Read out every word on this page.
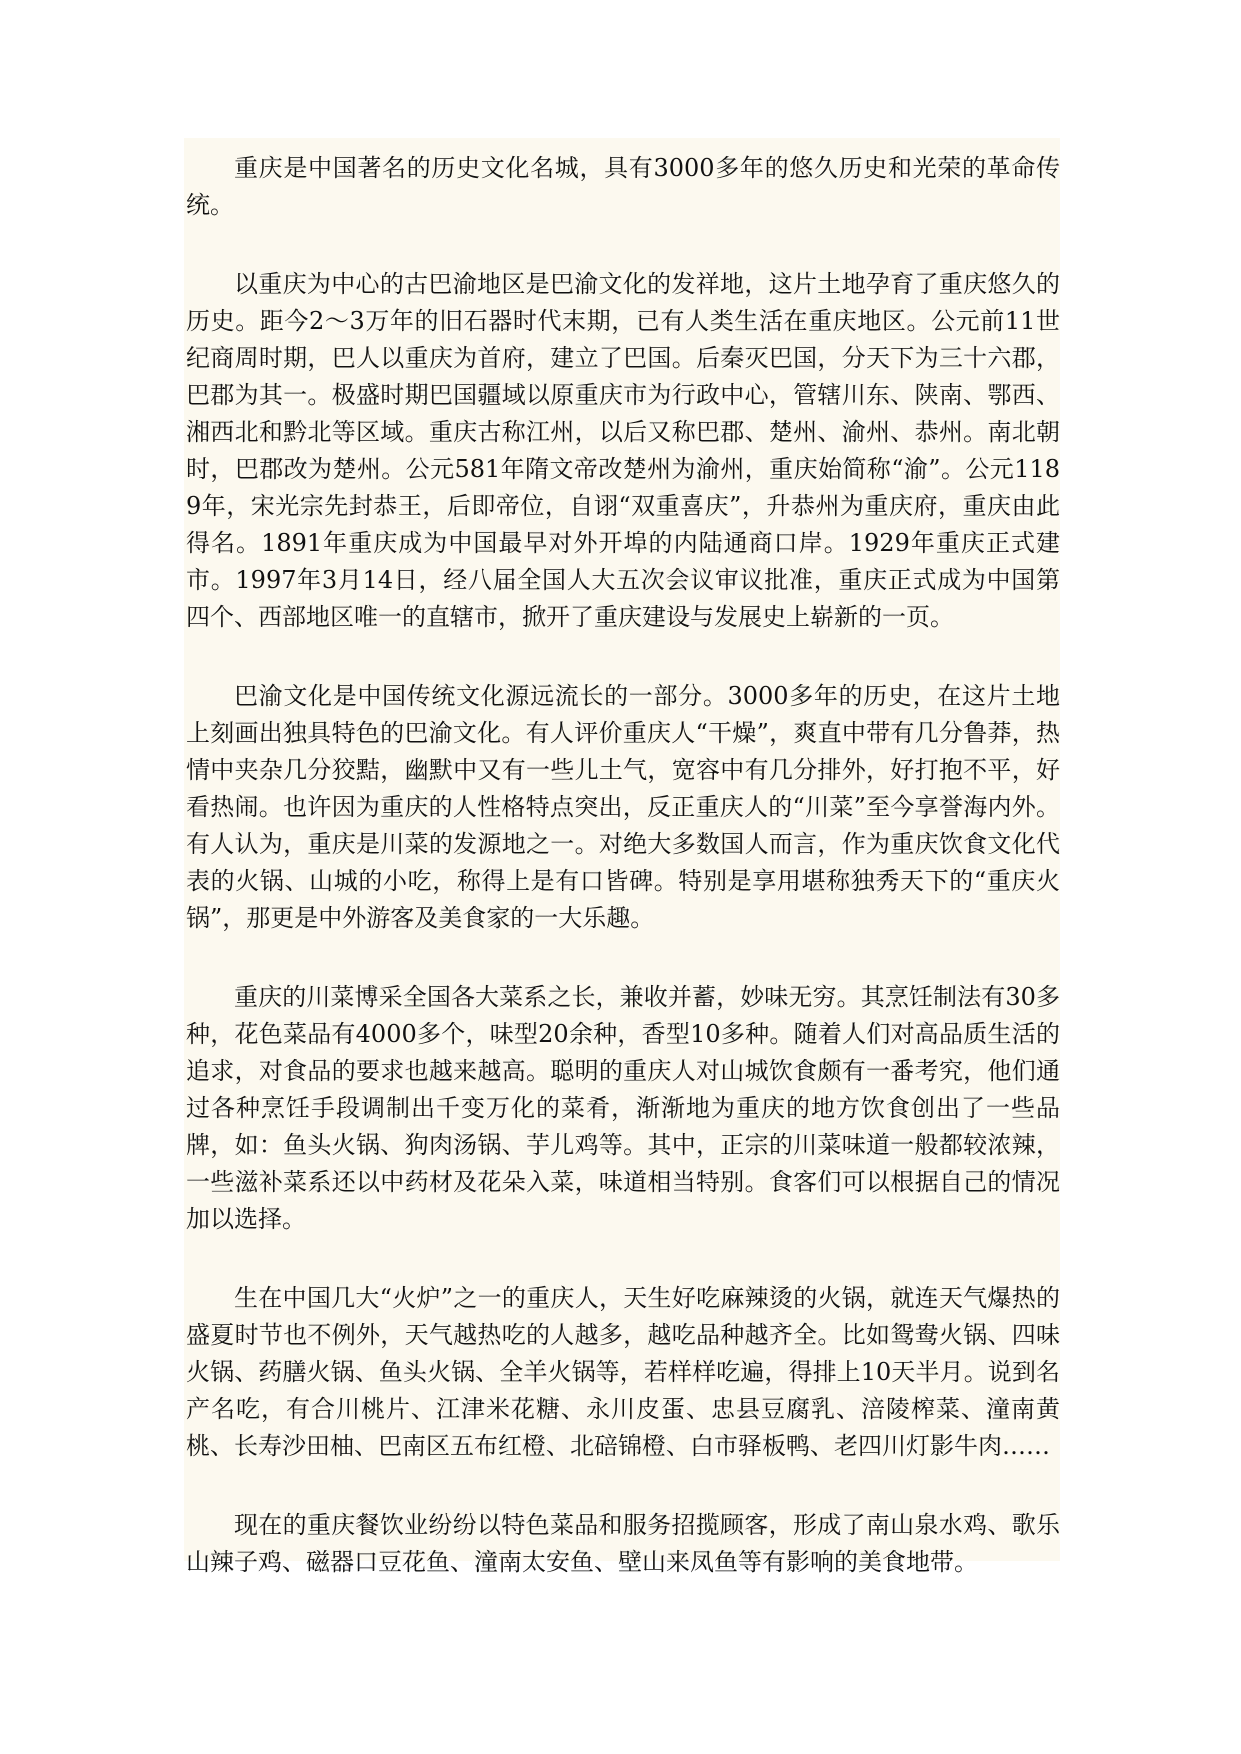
重庆是中国著名的历史文化名城，具有3000多年的悠久历史和光荣的革命传统。

以重庆为中心的古巴渝地区是巴渝文化的发祥地，这片土地孕育了重庆悠久的历史。距今2～3万年的旧石器时代末期，已有人类生活在重庆地区。公元前11世纪商周时期，巴人以重庆为首府，建立了巴国。后秦灭巴国，分天下为三十六郡，巴郡为其一。极盛时期巴国疆域以原重庆市为行政中心，管辖川东、陕南、鄂西、湘西北和黔北等区域。重庆古称江州，以后又称巴郡、楚州、渝州、恭州。南北朝时，巴郡改为楚州。公元581年隋文帝改楚州为渝州，重庆始简称“渝”。公元1189年，宋光宗先封恭王，后即帝位，自诩“双重喜庆”，升恭州为重庆府，重庆由此得名。1891年重庆成为中国最早对外开埠的内陆通商口岸。1929年重庆正式建市。1997年3月14日，经八届全国人大五次会议审议批准，重庆正式成为中国第四个、西部地区唯一的直辖市，掀开了重庆建设与发展史上崭新的一页。

巴渝文化是中国传统文化源远流长的一部分。3000多年的历史，在这片土地上刻画出独具特色的巴渝文化。有人评价重庆人“干燥”，爽直中带有几分鲁莽，热情中夹杂几分狡黠，幽默中又有一些儿土气，宽容中有几分排外，好打抱不平，好看热闹。也许因为重庆的人性格特点突出，反正重庆人的“川菜”至今享誉海内外。有人认为，重庆是川菜的发源地之一。对绝大多数国人而言，作为重庆饮食文化代表的火锅、山城的小吃，称得上是有口皆碑。特别是享用堪称独秀天下的“重庆火锅”，那更是中外游客及美食家的一大乐趣。

重庆的川菜博采全国各大菜系之长，兼收并蓄，妙味无穷。其烹饪制法有30多种，花色菜品有4000多个，味型20余种，香型10多种。随着人们对高品质生活的追求，对食品的要求也越来越高。聪明的重庆人对山城饮食颇有一番考究，他们通过各种烹饪手段调制出千变万化的菜肴，渐渐地为重庆的地方饮食创出了一些品牌，如：鱼头火锅、狗肉汤锅、芋儿鸡等。其中，正宗的川菜味道一般都较浓辣，一些滋补菜系还以中药材及花朵入菜，味道相当特别。食客们可以根据自己的情况加以选择。

生在中国几大“火炉”之一的重庆人，天生好吃麻辣烫的火锅，就连天气爆热的盛夏时节也不例外，天气越热吃的人越多，越吃品种越齐全。比如鸳鸯火锅、四味火锅、药膳火锅、鱼头火锅、全羊火锅等，若样样吃遍，得排上10天半月。说到名产名吃，有合川桃片、江津米花糖、永川皮蛋、忠县豆腐乳、涪陵榨菜、潼南黄桃、长寿沙田柚、巴南区五布红橙、北碚锦橙、白市驿板鸭、老四川灯影牛肉……

现在的重庆餐饮业纷纷以特色菜品和服务招揽顾客，形成了南山泉水鸡、歌乐山辣子鸡、磁器口豆花鱼、潼南太安鱼、壁山来凤鱼等有影响的美食地带。
